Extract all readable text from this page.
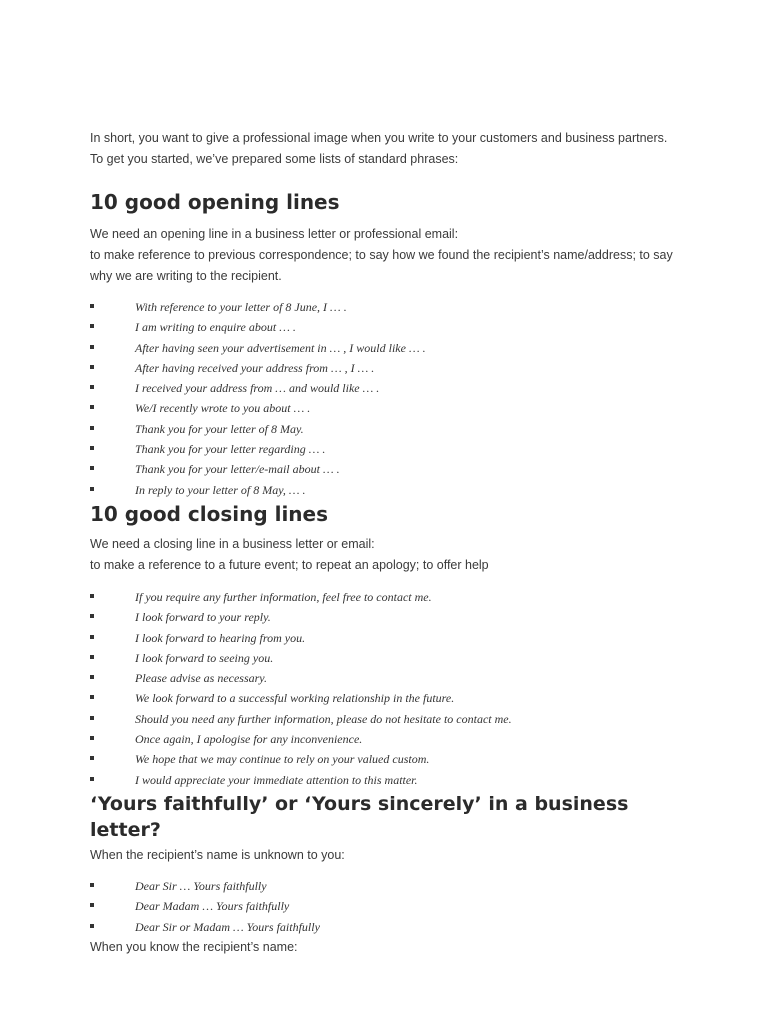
In short, you want to give a professional image when you write to your customers and business partners.

To get you started, we’ve prepared some lists of standard phrases:

10 good opening lines

We need an opening line in a business letter or professional email:

to make reference to previous correspondence; to say how we found the recipient’s name/address; to say

why we are writing to the recipient.

With reference to your letter of 8 June, I … .
I am writing to enquire about … .
After having seen your advertisement in … , I would like … .
After having received your address from … , I … .
I received your address from … and would like … .
We/I recently wrote to you about … .
Thank you for your letter of 8 May.
Thank you for your letter regarding … .
Thank you for your letter/e-mail about … .
In reply to your letter of 8 May, … .
10 good closing lines

We need a closing line in a business letter or email:

to make a reference to a future event; to repeat an apology; to offer help

If you require any further information, feel free to contact me.
I look forward to your reply.
I look forward to hearing from you.
I look forward to seeing you.
Please advise as necessary.
We look forward to a successful working relationship in the future.
Should you need any further information, please do not hesitate to contact me.
Once again, I apologise for any inconvenience.
We hope that we may continue to rely on your valued custom.
I would appreciate your immediate attention to this matter.
‘Yours faithfully’ or ‘Yours sincerely’ in a business letter?

When the recipient’s name is unknown to you:

Dear Sir … Yours faithfully
Dear Madam … Yours faithfully
Dear Sir or Madam … Yours faithfully

When you know the recipient’s name:
